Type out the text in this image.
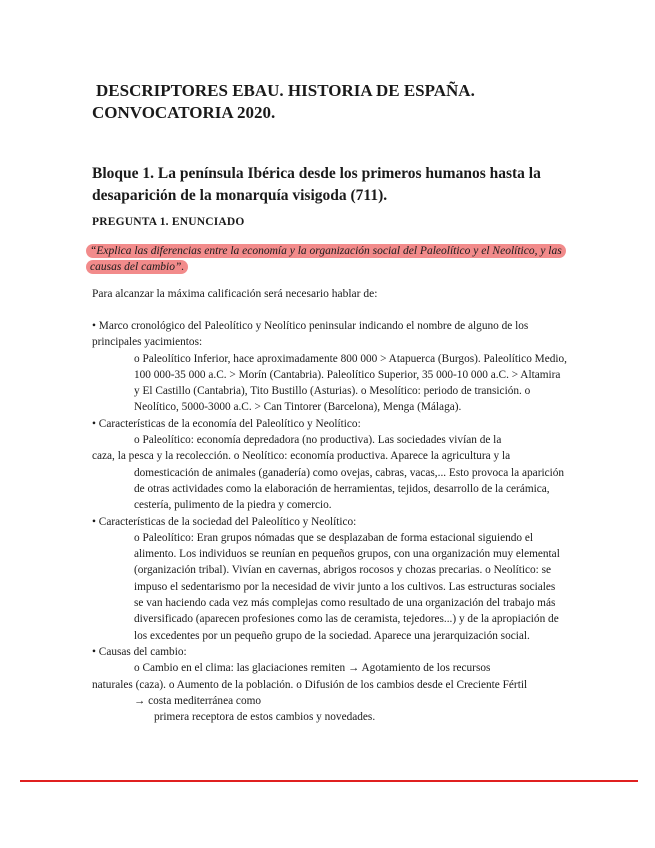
DESCRIPTORES EBAU. HISTORIA DE ESPAÑA.
CONVOCATORIA 2020.
Bloque 1. La península Ibérica desde los primeros humanos hasta la desaparición de la monarquía visigoda (711).
PREGUNTA 1. ENUNCIADO
“Explica las diferencias entre la economía y la organización social del Paleolítico y el Neolítico, y las causas del cambio”.
Para alcanzar la máxima calificación será necesario hablar de:

• Marco cronológico del Paleolítico y Neolítico peninsular indicando el nombre de alguno de los principales yacimientos:

o Paleolítico Inferior, hace aproximadamente 800 000 > Atapuerca (Burgos). Paleolítico Medio, 100 000-35 000 a.C. > Morín (Cantabria). Paleolítico Superior, 35 000-10 000 a.C. > Altamira y El Castillo (Cantabria), Tito Bustillo (Asturias). o Mesolítico: periodo de transición. o Neolítico, 5000-3000 a.C. > Can Tintorer (Barcelona), Menga (Málaga).

• Características de la economía del Paleolítico y Neolítico:

o Paleolítico: economía depredadora (no productiva). Las sociedades vivían de la

caza, la pesca y la recolección. o Neolítico: economía productiva. Aparece la agricultura y la

domesticación de animales (ganadería) como ovejas, cabras, vacas,... Esto provoca la aparición de otras actividades como la elaboración de herramientas, tejidos, desarrollo de la cerámica, cestería, pulimento de la piedra y comercio.

• Características de la sociedad del Paleolítico y Neolítico:

o Paleolítico: Eran grupos nómadas que se desplazaban de forma estacional siguiendo el alimento. Los individuos se reunían en pequeños grupos, con una organización muy elemental (organización tribal). Vivían en cavernas, abrigos rocosos y chozas precarias. o Neolítico: se impuso el sedentarismo por la necesidad de vivir junto a los cultivos. Las estructuras sociales se van haciendo cada vez más complejas como resultado de una organización del trabajo más diversificado (aparecen profesiones como las de ceramista, tejedores...) y de la apropiación de los excedentes por un pequeño grupo de la sociedad. Aparece una jerarquización social.

• Causas del cambio:

o Cambio en el clima: las glaciaciones remiten → Agotamiento de los recursos

naturales (caza). o Aumento de la población. o Difusión de los cambios desde el Creciente Fértil

→ costa mediterránea como

primera receptora de estos cambios y novedades.
